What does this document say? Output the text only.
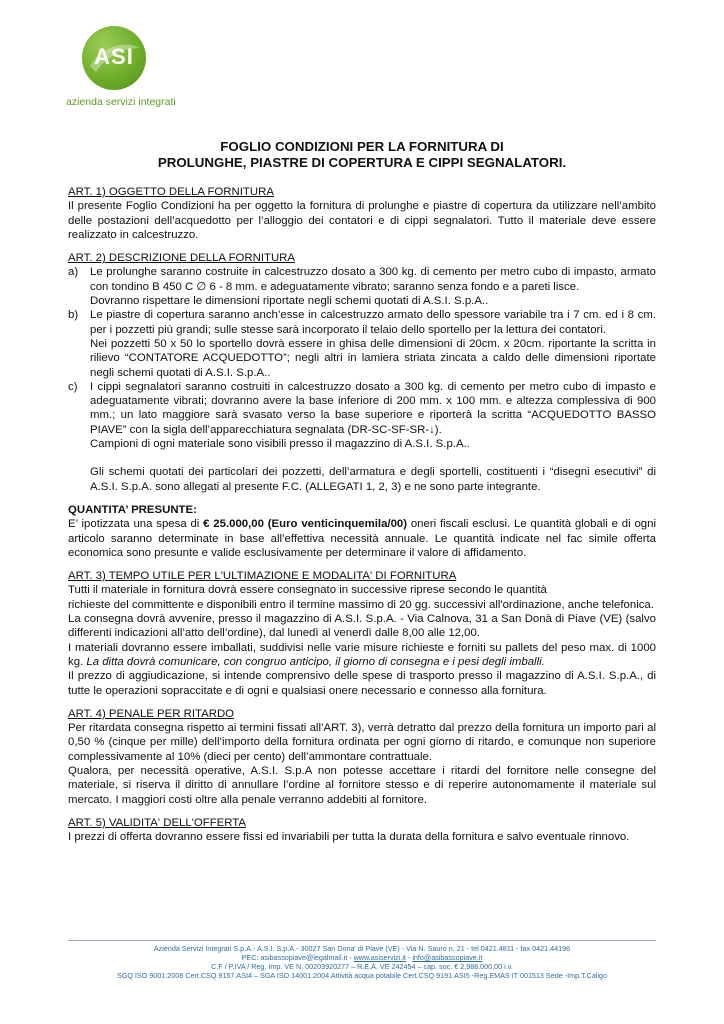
ASI
azienda servizi integrati
FOGLIO CONDIZIONI PER LA FORNITURA DI
PROLUNGHE, PIASTRE DI COPERTURA E CIPPI SEGNALATORI.

ART. 1) OGGETTO DELLA FORNITURA

Il presente Foglio Condizioni ha per oggetto la fornitura di prolunghe e piastre di copertura da utilizzare nell’ambito delle postazioni dell’acquedotto per l’alloggio dei contatori e di cippi segnalatori. Tutto il materiale deve essere realizzato in calcestruzzo.

ART. 2) DESCRIZIONE DELLA FORNITURA

a) Le prolunghe saranno costruite in calcestruzzo dosato a 300 kg. di cemento per metro cubo di impasto, armato con tondino B 450 C ∅ 6 - 8 mm. e adeguatamente vibrato; saranno senza fondo e a pareti lisce.

Dovranno rispettare le dimensioni riportate negli schemi quotati di A.S.I. S.p.A..

b) Le piastre di copertura saranno anch’esse in calcestruzzo armato dello spessore variabile tra i 7 cm. ed i 8 cm. per i pozzetti più grandi; sulle stesse sarà incorporato il telaio dello sportello per la lettura dei contatori.

Nei pozzetti 50 x 50 lo sportello dovrà essere in ghisa delle dimensioni di 20cm. x 20cm. riportante la scritta in rilievo “CONTATORE ACQUEDOTTO”; negli altri in lamiera striata zincata a caldo delle dimensioni riportate negli schemi quotati di A.S.I. S.p.A..

c) I cippi segnalatori saranno costruiti in calcestruzzo dosato a 300 kg. di cemento per metro cubo di impasto e adeguatamente vibrati; dovranno avere la base inferiore di 200 mm. x 100 mm. e altezza complessiva di 900 mm.; un lato maggiore sarà svasato verso la base superiore e riporterà la scritta “ACQUEDOTTO BASSO PIAVE” con la sigla dell’apparecchiatura segnalata (DR-SC-SF-SR-↓).

Campioni di ogni materiale sono visibili presso il magazzino di A.S.I. S.p.A..

Gli schemi quotati dei particolari dei pozzetti, dell’armatura e degli sportelli, costituenti i “disegni esecutivi” di A.S.I. S.p.A. sono allegati al presente F.C. (ALLEGATI 1, 2, 3) e ne sono parte integrante.

QUANTITA’ PRESUNTE:

E’ ipotizzata una spesa di € 25.000,00 (Euro venticinquemila/00) oneri fiscali esclusi. Le quantità globali e di ogni articolo saranno determinate in base all’effettiva necessità annuale. Le quantità indicate nel fac simile offerta economica sono presunte e valide esclusivamente per determinare il valore di affidamento.

ART. 3) TEMPO UTILE PER L'ULTIMAZIONE E MODALITA' DI FORNITURA

Tutti il materiale in fornitura dovrà essere consegnato in successive riprese secondo le quantità

richieste del committente e disponibili entro il termine massimo di 20 gg. successivi all'ordinazione, anche telefonica.

La consegna dovrà avvenire, presso il magazzino di A.S.I. S.p.A. - Via Calnova, 31 a San Donà di Piave (VE) (salvo differenti indicazioni all’atto dell’ordine), dal lunedì al venerdì dalle 8,00 alle 12,00.

I materiali dovranno essere imballati, suddivisi nelle varie misure richieste e forniti su pallets del peso max. di 1000 kg. La ditta dovrà comunicare, con congruo anticipo, il giorno di consegna e i pesi degli imballi.

Il prezzo di aggiudicazione, si intende comprensivo delle spese di trasporto presso il magazzino di A.S.I. S.p.A., di tutte le operazioni sopraccitate e di ogni e qualsiasi onere necessario e connesso alla fornitura.

ART. 4) PENALE PER RITARDO

Per ritardata consegna rispetto ai termini fissati all’ART. 3), verrà detratto dal prezzo della fornitura un importo pari al 0,50 % (cinque per mille) dell’importo della fornitura ordinata per ogni giorno di ritardo, e comunque non superiore complessivamente al 10% (dieci per cento) dell’ammontare contrattuale.

Qualora, per necessità operative, A.S.I. S.p.A non potesse accettare i ritardi del fornitore nelle consegne del materiale, si riserva il diritto di annullare l’ordine al fornitore stesso e di reperire autonomamente il materiale sul mercato. I maggiori costi oltre alla penale verranno addebiti al fornitore.

ART. 5) VALIDITA' DELL'OFFERTA

I prezzi di offerta dovranno essere fissi ed invariabili per tutta la durata della fornitura e salvo eventuale rinnovo.

Azienda Servizi Integrati S.p.A.- A.S.I. S.p.A.- 30027 San Dona' di Piave (VE) - Via N. Sauro n. 21 - tel 0421.4811 - fax 0421.44196
PEC: asibassopiave@legalmail.it - www.asiservizi.it - info@asibassopiave.it
C.F / P.IVA / Reg. Imp. VE N. 00203920277 – R.E.A. VE 242454 – cap. soc. € 2.986.000,00 i.v.
SGQ ISO 9001:2008 Cert.CSQ 9157.ASI4 – SGA ISO 14001:2004 Attività acqua potabile Cert.CSQ 9191.ASI5 -Reg.EMAS IT 001513 Sede -Imp.T.Caligo
